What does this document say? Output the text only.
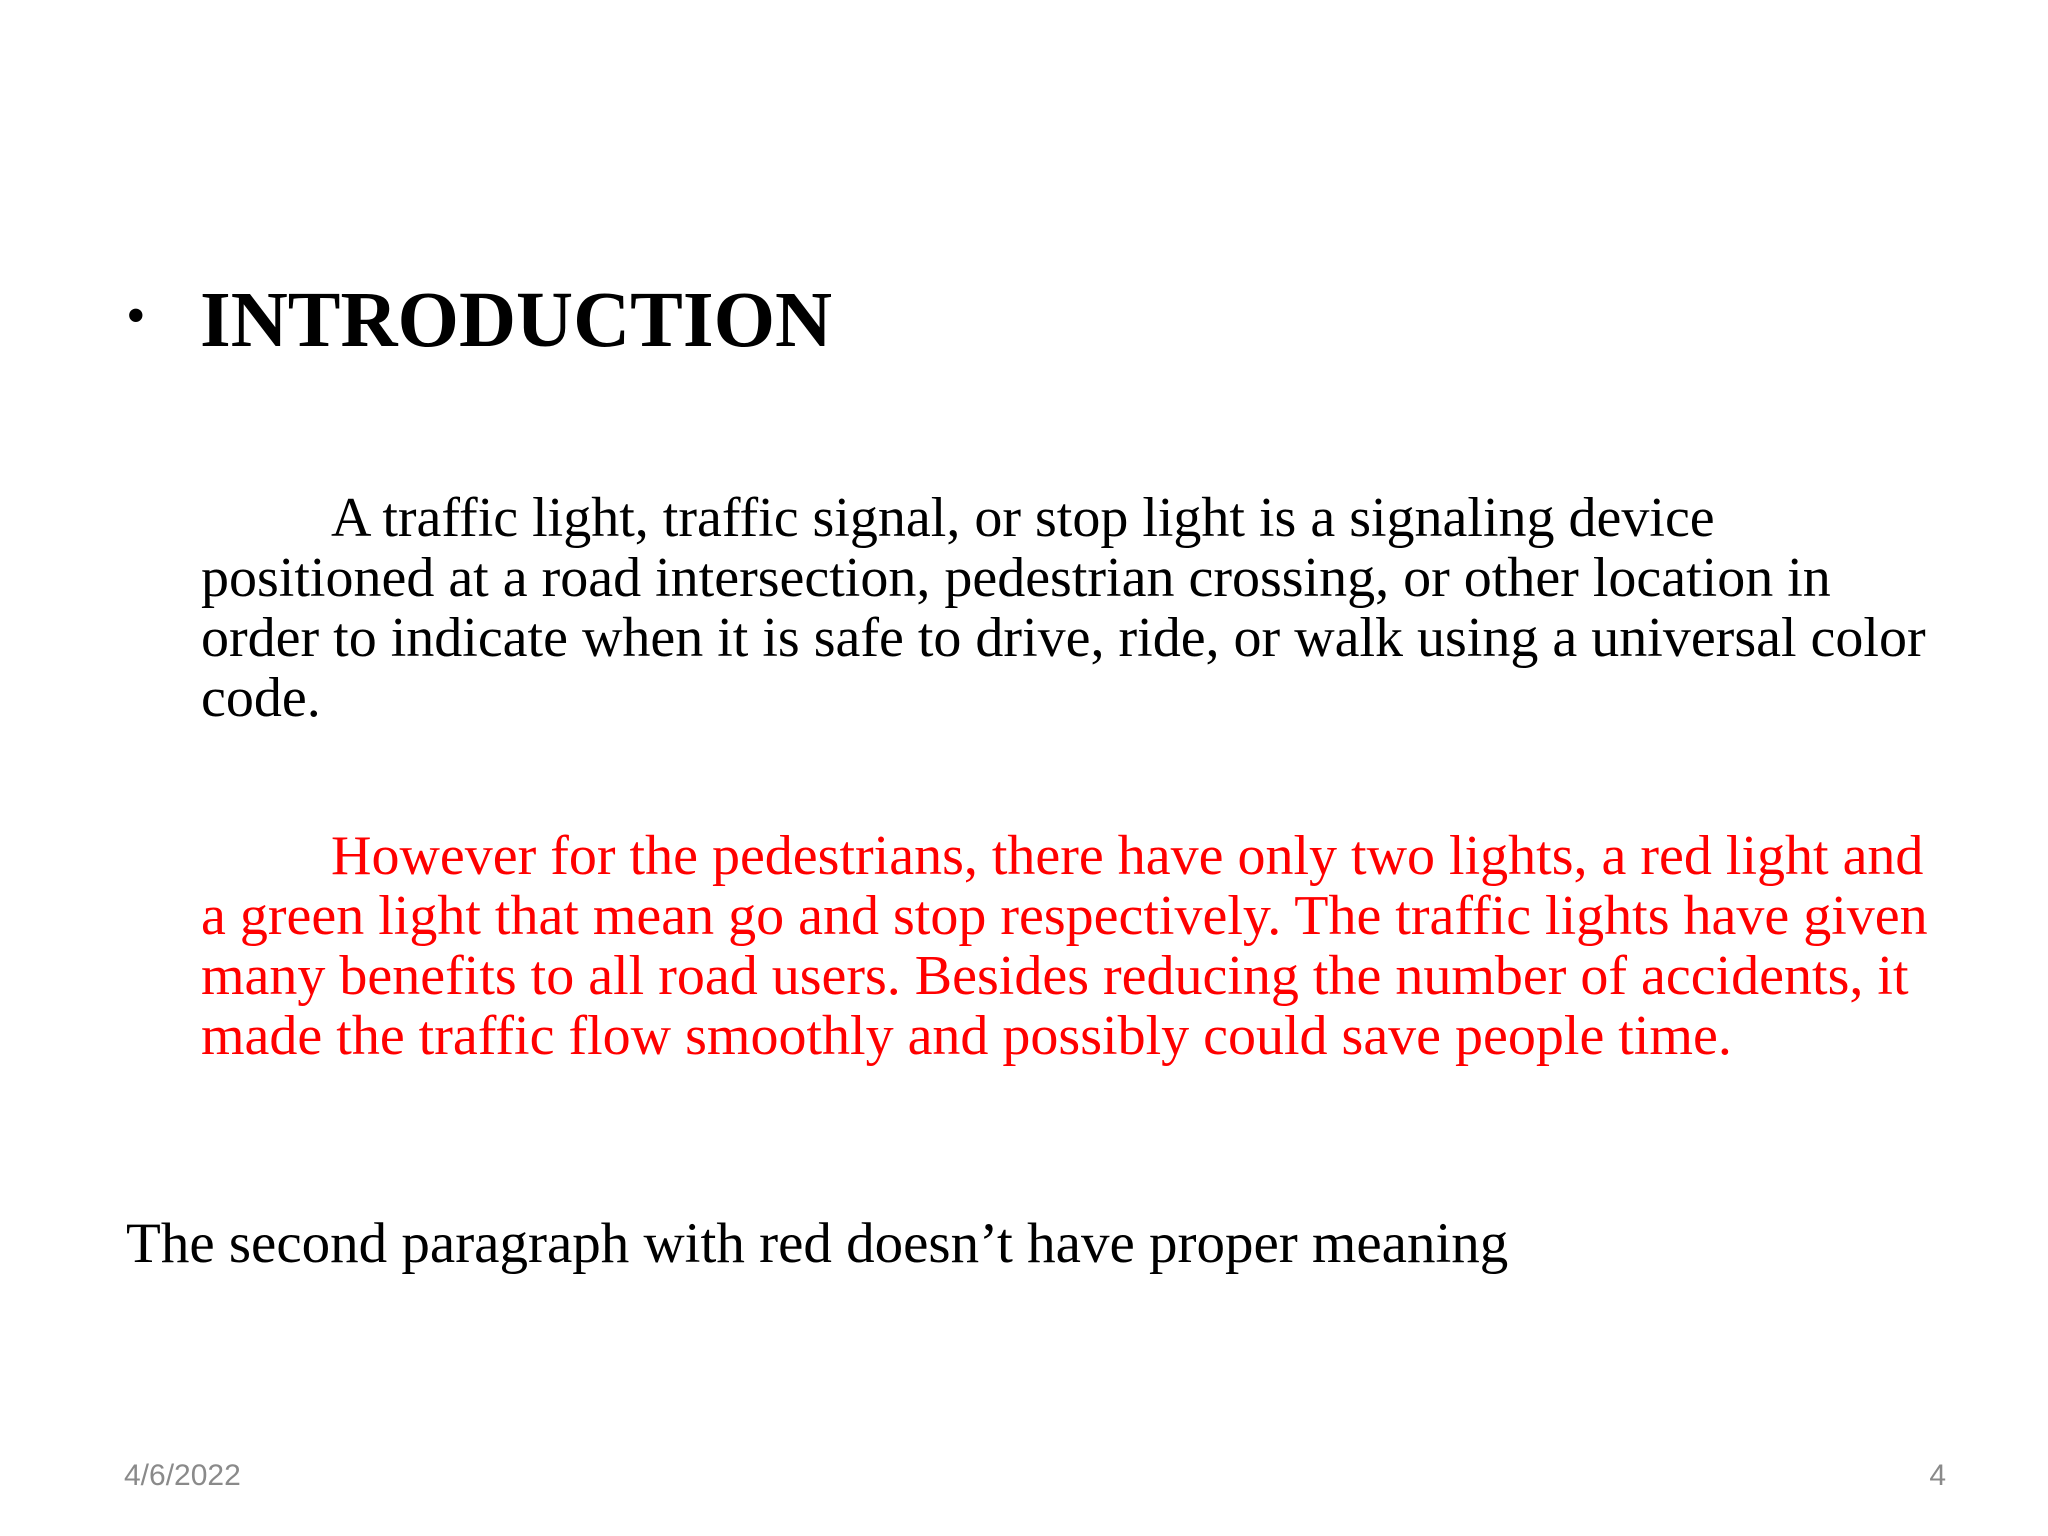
• INTRODUCTION

A traffic light, traffic signal, or stop light is a signaling device positioned at a road intersection, pedestrian crossing, or other location in order to indicate when it is safe to drive, ride, or walk using a universal color code.

However for the pedestrians, there have only two lights, a red light and a green light that mean go and stop respectively. The traffic lights have given many benefits to all road users. Besides reducing the number of accidents, it made the traffic flow smoothly and possibly could save people time.

The second paragraph with red doesn’t have proper meaning

4/6/2022	4
